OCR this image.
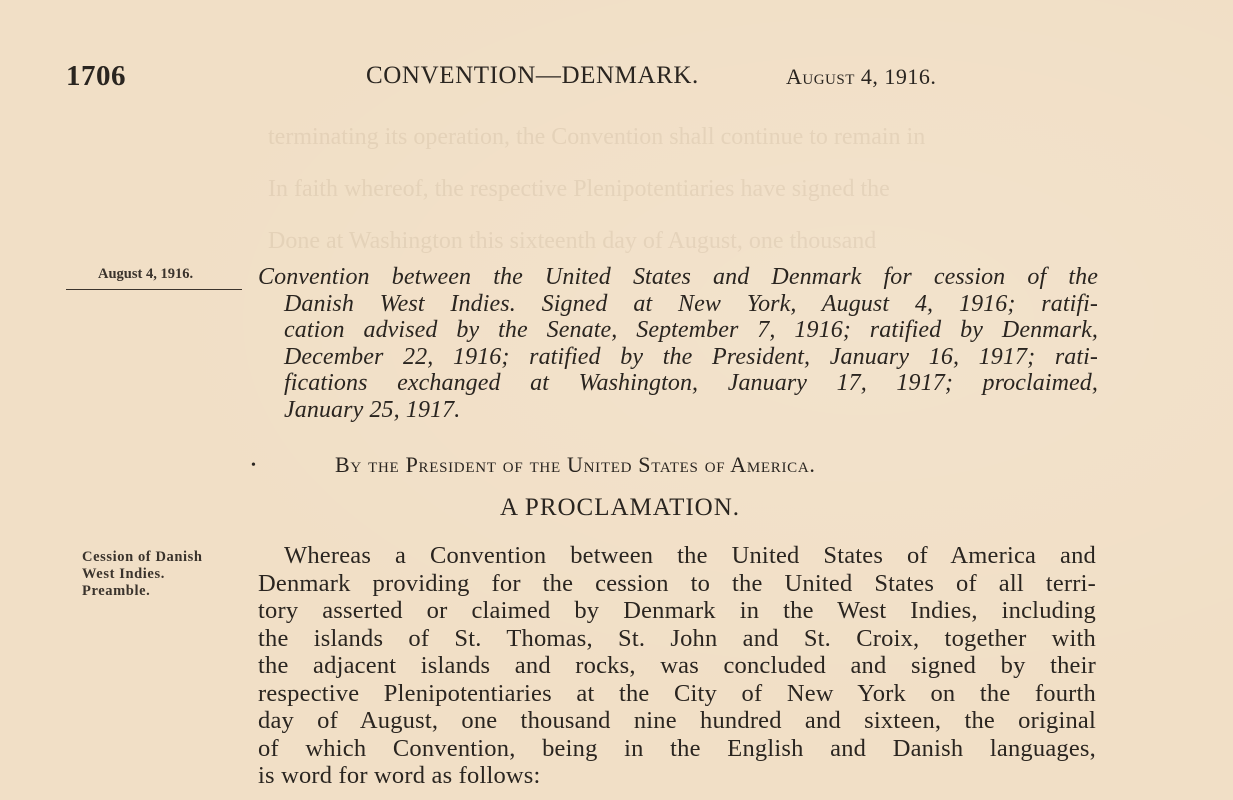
terminating its operation, the Convention shall continue to remain in
In faith whereof, the respective Plenipotentiaries have signed the
Done at Washington this sixteenth day of August, one thousand
1706	CONVENTION—DENMARK.	August 4, 1916.
August 4, 1916.
Cession of Danish
West Indies.
Preamble.
Convention between the United States and Denmark for cession of the
Danish West Indies. Signed at New York, August 4, 1916; ratifi-
cation advised by the Senate, September 7, 1916; ratified by Denmark,
December 22, 1916; ratified by the President, January 16, 1917; rati-
fications exchanged at Washington, January 17, 1917; proclaimed,
January 25, 1917.
•	By the President of the United States of America.
A PROCLAMATION.
Whereas a Convention between the United States of America and
Denmark providing for the cession to the United States of all terri-
tory asserted or claimed by Denmark in the West Indies, including
the islands of St. Thomas, St. John and St. Croix, together with
the adjacent islands and rocks, was concluded and signed by their
respective Plenipotentiaries at the City of New York on the fourth
day of August, one thousand nine hundred and sixteen, the original
of which Convention, being in the English and Danish languages,
is word for word as follows:
